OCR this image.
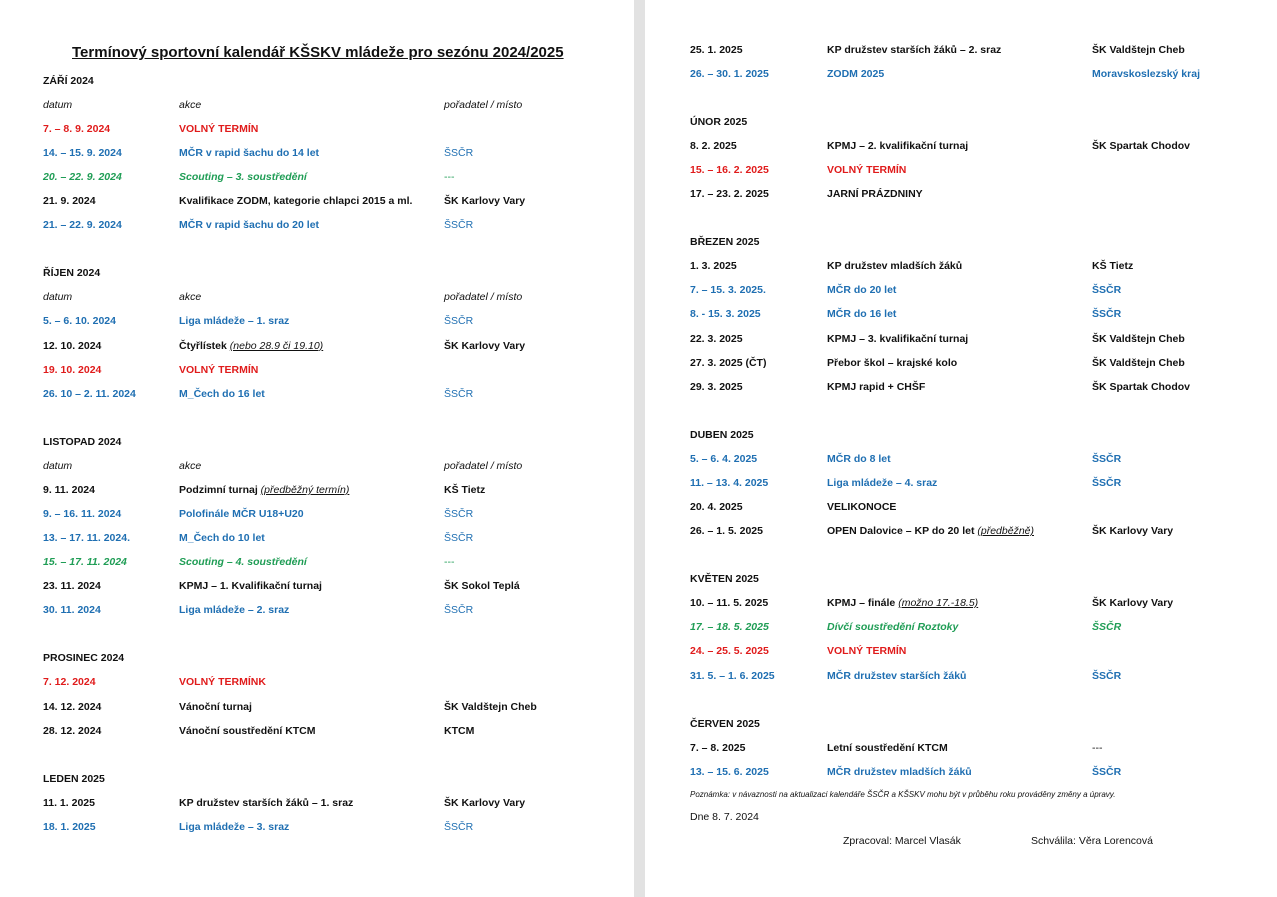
Termínový sportovní kalendář KŠSKV mládeže pro sezónu 2024/2025
ZÁŘÍ 2024
datum	akce	pořadatel / místo
7. – 8. 9. 2024	VOLNÝ TERMÍN
14. – 15. 9. 2024	MČR v rapid šachu do 14 let	ŠSČR
20. – 22. 9. 2024	Scouting – 3. soustředění	---
21. 9. 2024	Kvalifikace ZODM, kategorie chlapci 2015 a ml.	ŠK Karlovy Vary
21. – 22. 9. 2024	MČR v rapid šachu do 20 let	ŠSČR
ŘÍJEN 2024
datum	akce	pořadatel / místo
5. – 6. 10. 2024	Liga mládeže – 1. sraz	ŠSČR
12. 10. 2024	Čtyřlístek (nebo 28.9 či 19.10)	ŠK Karlovy Vary
19. 10. 2024	VOLNÝ TERMÍN
26. 10 – 2. 11. 2024	M_Čech do 16 let	ŠSČR
LISTOPAD 2024
datum	akce	pořadatel / místo
9. 11. 2024	Podzimní turnaj (předběžný termín)	KŠ Tietz
9. – 16. 11. 2024	Polofinále MČR U18+U20	ŠSČR
13. – 17. 11. 2024.	M_Čech do 10 let	ŠSČR
15. – 17. 11. 2024	Scouting – 4. soustředění	---
23. 11. 2024	KPMJ – 1. Kvalifikační turnaj	ŠK Sokol Teplá
30. 11. 2024	Liga mládeže – 2. sraz	ŠSČR
PROSINEC 2024
7. 12. 2024	VOLNÝ TERMÍNK
14. 12. 2024	Vánoční turnaj	ŠK Valdštejn Cheb
28. 12. 2024	Vánoční soustředění KTCM	KTCM
LEDEN 2025
11. 1. 2025	KP družstev starších žáků – 1. sraz	ŠK Karlovy Vary
18. 1. 2025	Liga mládeže – 3. sraz	ŠSČR
25. 1. 2025	KP družstev starších žáků – 2. sraz	ŠK Valdštejn Cheb
26. – 30. 1. 2025	ZODM 2025	Moravskoslezský kraj
ÚNOR 2025
8. 2. 2025	KPMJ – 2. kvalifikační turnaj	ŠK Spartak Chodov
15. – 16. 2. 2025	VOLNÝ TERMÍN
17. – 23. 2. 2025	JARNÍ PRÁZDNINY
BŘEZEN 2025
1. 3. 2025	KP družstev mladších žáků	KŠ Tietz
7. – 15. 3. 2025.	MČR do 20 let	ŠSČR
8. - 15. 3. 2025	MČR do 16 let	ŠSČR
22. 3. 2025	KPMJ – 3. kvalifikační turnaj	ŠK Valdštejn Cheb
27. 3. 2025 (ČT)	Přebor škol – krajské kolo	ŠK Valdštejn Cheb
29. 3. 2025	KPMJ rapid + CHŠF	ŠK Spartak Chodov
DUBEN 2025
5. – 6. 4. 2025	MČR do 8 let	ŠSČR
11. – 13. 4. 2025	Liga mládeže – 4. sraz	ŠSČR
20. 4. 2025	VELIKONOCE
26. – 1. 5. 2025	OPEN Dalovice – KP do 20 let (předběžně)	ŠK Karlovy Vary
KVĚTEN 2025
10. – 11. 5. 2025	KPMJ – finále (možno 17.-18.5)	ŠK Karlovy Vary
17. – 18. 5. 2025	Dívčí soustředění Roztoky	ŠSČR
24. – 25. 5. 2025	VOLNÝ TERMÍN
31. 5. – 1. 6. 2025	MČR družstev starších žáků	ŠSČR
ČERVEN 2025
7. – 8. 2025	Letní soustředění KTCM	---
13. – 15. 6. 2025	MČR družstev mladších žáků	ŠSČR
Poznámka: v návaznosti na aktualizaci kalendáře ŠSČR a KŠSKV mohu být v průběhu roku prováděny změny a úpravy.
Dne 8. 7. 2024
Zpracoval: Marcel Vlasák	Schválila: Věra Lorencová
